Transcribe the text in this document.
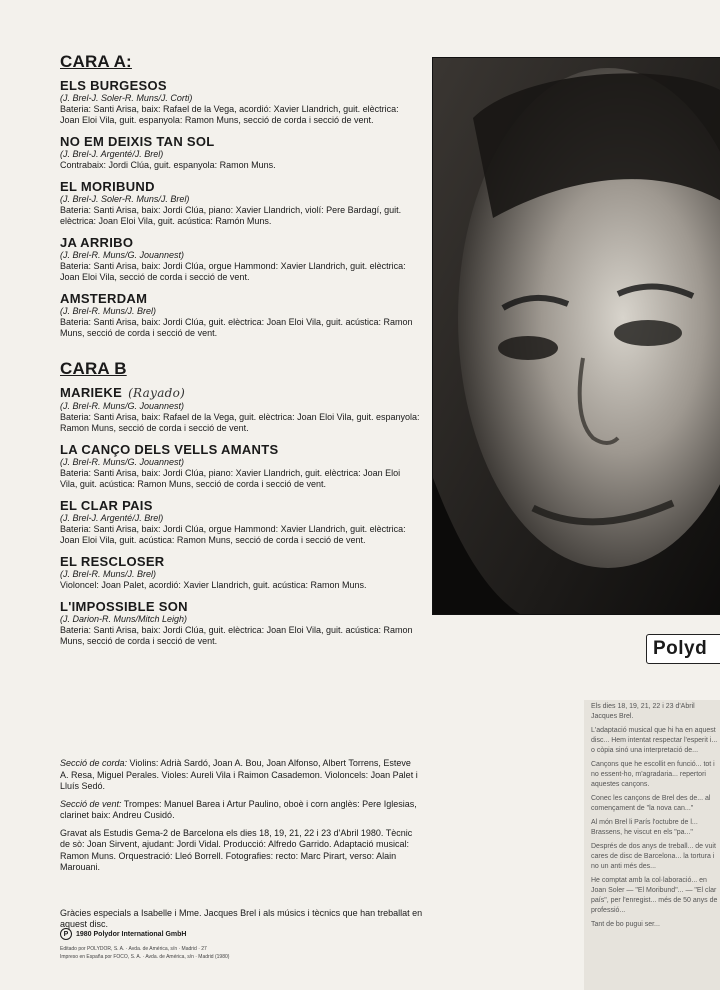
CARA A:
ELS BURGESOS
(J. Brel-J. Soler-R. Muns/J. Corti)
Bateria: Santi Arisa, baix: Rafael de la Vega, acordió: Xavier Llandrich, guit. elèctrica: Joan Eloi Vila, guit. espanyola: Ramon Muns, secció de corda i secció de vent.
NO EM DEIXIS TAN SOL
(J. Brel-J. Argenté/J. Brel)
Contrabaix: Jordi Clúa, guit. espanyola: Ramon Muns.
EL MORIBUND
(J. Brel-J. Soler-R. Muns/J. Brel)
Bateria: Santi Arisa, baix: Jordi Clúa, piano: Xavier Llandrich, violí: Pere Bardagí, guit. elèctrica: Joan Eloi Vila, guit. acústica: Ramón Muns.
JA ARRIBO
(J. Brel-R. Muns/G. Jouannest)
Bateria: Santi Arisa, baix: Jordi Clúa, orgue Hammond: Xavier Llandrich, guit. elèctrica: Joan Eloi Vila, secció de corda i secció de vent.
AMSTERDAM
(J. Brel-R. Muns/J. Brel)
Bateria: Santi Arisa, baix: Jordi Clúa, guit. elèctrica: Joan Eloi Vila, guit. acústica: Ramon Muns, secció de corda i secció de vent.
CARA B
MARIEKE (Rayado)
(J. Brel-R. Muns/G. Jouannest)
Bateria: Santi Arisa, baix: Rafael de la Vega, guit. elèctrica: Joan Eloi Vila, guit. espanyola: Ramon Muns, secció de corda i secció de vent.
LA CANÇO DELS VELLS AMANTS
(J. Brel-R. Muns/G. Jouannest)
Bateria: Santi Arisa, baix: Jordi Clúa, piano: Xavier Llandrich, guit. elèctrica: Joan Eloi Vila, guit. acústica: Ramon Muns, secció de corda i secció de vent.
EL CLAR PAIS
(J. Brel-J. Argenté/J. Brel)
Bateria: Santi Arisa, baix: Jordi Clúa, orgue Hammond: Xavier Llandrich, guit. elèctrica: Joan Eloi Vila, guit. acústica: Ramon Muns, secció de corda i secció de vent.
EL RESCLOSER
(J. Brel-R. Muns/J. Brel)
Violoncel: Joan Palet, acordió: Xavier Llandrich, guit. acústica: Ramon Muns.
L'IMPOSSIBLE SON
(J. Darion-R. Muns/Mitch Leigh)
Bateria: Santi Arisa, baix: Jordi Clúa, guit. elèctrica: Joan Eloi Vila, guit. acústica: Ramon Muns, secció de corda i secció de vent.

Secció de corda: Violins: Adrià Sardó, Joan A. Bou, Joan Alfonso, Albert Torrens, Esteve A. Resa, Miguel Perales. Violes: Aureli Vila i Raimon Casademon. Violoncels: Joan Palet i Lluís Sedó.

Secció de vent: Trompes: Manuel Barea i Artur Paulino, oboè i corn anglès: Pere Iglesias, clarinet baix: Andreu Cusidó.

Gravat als Estudis Gema-2 de Barcelona els dies 18, 19, 21, 22 i 23 d'Abril 1980. Tècnic de sò: Joan Sirvent, ajudant: Jordi Vidal. Producció: Alfredo Garrido. Adaptació musical: Ramon Muns. Orquestració: Lleó Borrell. Fotografies: recto: Marc Pirart, verso: Alain Marouani.

Gràcies especials a Isabelle i Mme. Jacques Brel i als músics i tècnics que han treballat en aquest disc.
P	1980 Polydor International GmbH
Editado por POLYDOR, S. A. · Avda. de América, s/n · Madrid · 27
Impreso en España por FOCO, S. A. · Avda. de América, s/n · Madrid (1980)
Polyd

Els dies 18, 19, 21, 22 i 23 d'Abril Jacques Brel.

L'adaptació musical que hi ha en aquest disc... Hem intentat respectar l'esperit i... o còpia sinó una interpretació de...

Cançons que he escollit en funció... tot i no essent-ho, m'agradaria... repertori aquestes cançons.

Conec les cançons de Brel des de... al començament de "la nova can..."

Al món Brel li París l'octubre de l... Brassens, he viscut en els "pa..."

Després de dos anys de treball... de vuit cares de disc de Barcelona... la tortura i no un anti més des...

He comptat amb la col·laboració... en Joan Soler — "El Moribund"... — "El clar país", per l'enregist... més de 50 anys de professió...

Tant de bo pugui ser...
